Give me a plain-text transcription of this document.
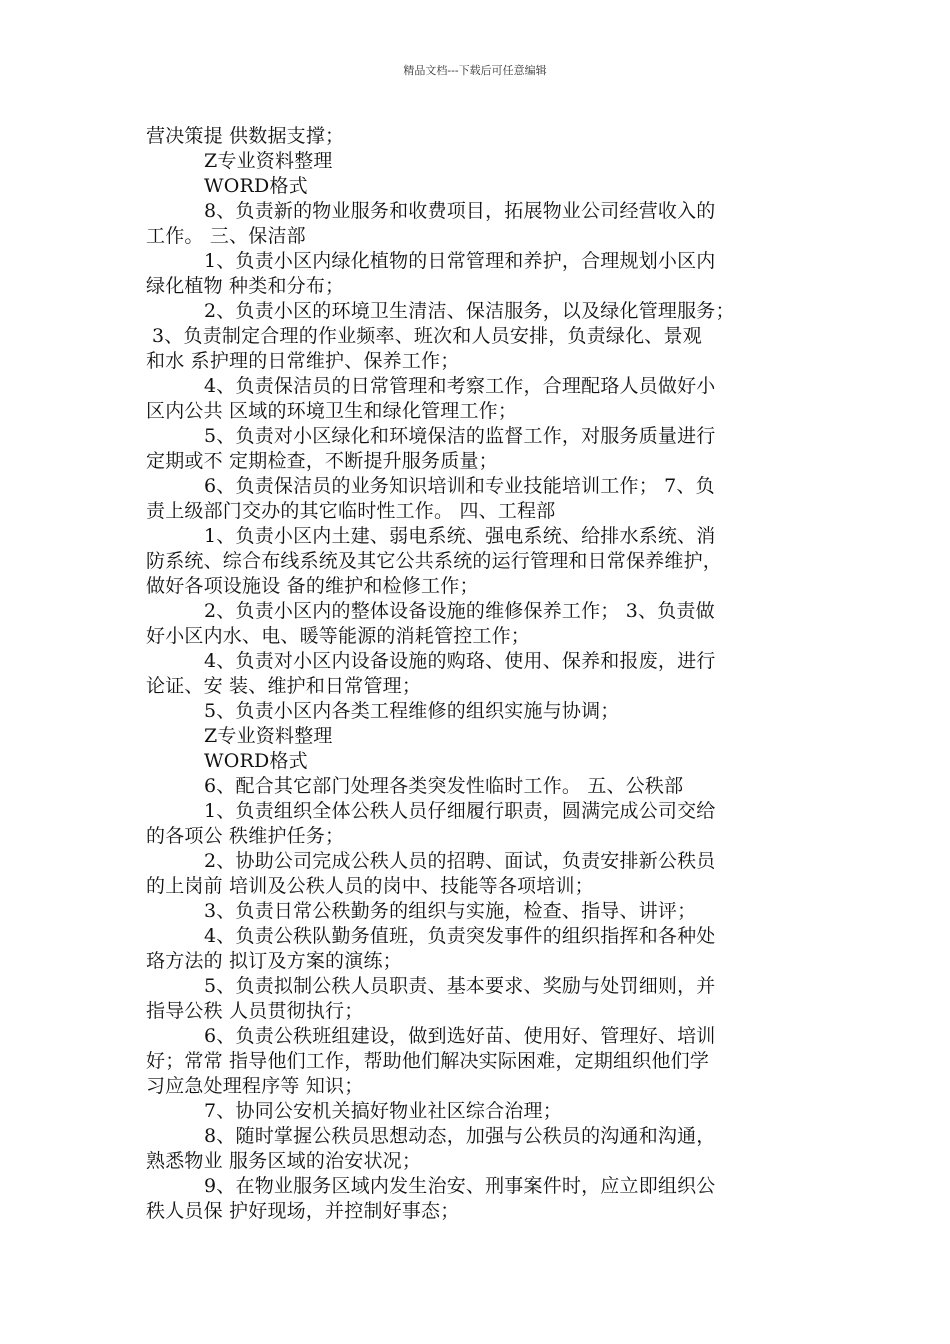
精品文档---下载后可任意编辑
营决策提 供数据支撑；
Z专业资料整理
WORD格式
8、负责新的物业服务和收费项目，拓展物业公司经营收入的
工作。 三、保洁部
1、负责小区内绿化植物的日常管理和养护，合理规划小区内
绿化植物 种类和分布；
2、负责小区的环境卫生清洁、保洁服务，以及绿化管理服务；
3、负责制定合理的作业频率、班次和人员安排，负责绿化、景观
和水 系护理的日常维护、保养工作；
4、负责保洁员的日常管理和考察工作，合理配珞人员做好小
区内公共 区域的环境卫生和绿化管理工作；
5、负责对小区绿化和环境保洁的监督工作，对服务质量进行
定期或不 定期检查，不断提升服务质量；
6、负责保洁员的业务知识培训和专业技能培训工作； 7、负
责上级部门交办的其它临时性工作。 四、工程部
1、负责小区内土建、弱电系统、强电系统、给排水系统、消
防系统、综合布线系统及其它公共系统的运行管理和日常保养维护，
做好各项设施设 备的维护和检修工作；
2、负责小区内的整体设备设施的维修保养工作； 3、负责做
好小区内水、电、暖等能源的消耗管控工作；
4、负责对小区内设备设施的购珞、使用、保养和报废，进行
论证、安 装、维护和日常管理；
5、负责小区内各类工程维修的组织实施与协调；
Z专业资料整理
WORD格式
6、配合其它部门处理各类突发性临时工作。 五、公秩部
1、负责组织全体公秩人员仔细履行职责，圆满完成公司交给
的各项公 秩维护任务；
2、协助公司完成公秩人员的招聘、面试，负责安排新公秩员
的上岗前 培训及公秩人员的岗中、技能等各项培训；
3、负责日常公秩勤务的组织与实施，检查、指导、讲评；
4、负责公秩队勤务值班，负责突发事件的组织指挥和各种处
珞方法的 拟订及方案的演练；
5、负责拟制公秩人员职责、基本要求、奖励与处罚细则，并
指导公秩 人员贯彻执行；
6、负责公秩班组建设，做到选好苗、使用好、管理好、培训
好；常常 指导他们工作，帮助他们解决实际困难，定期组织他们学
习应急处理程序等 知识；
7、协同公安机关搞好物业社区综合治理；
8、随时掌握公秩员思想动态，加强与公秩员的沟通和沟通，
熟悉物业 服务区域的治安状况；
9、在物业服务区域内发生治安、刑事案件时，应立即组织公
秩人员保 护好现场，并控制好事态；
